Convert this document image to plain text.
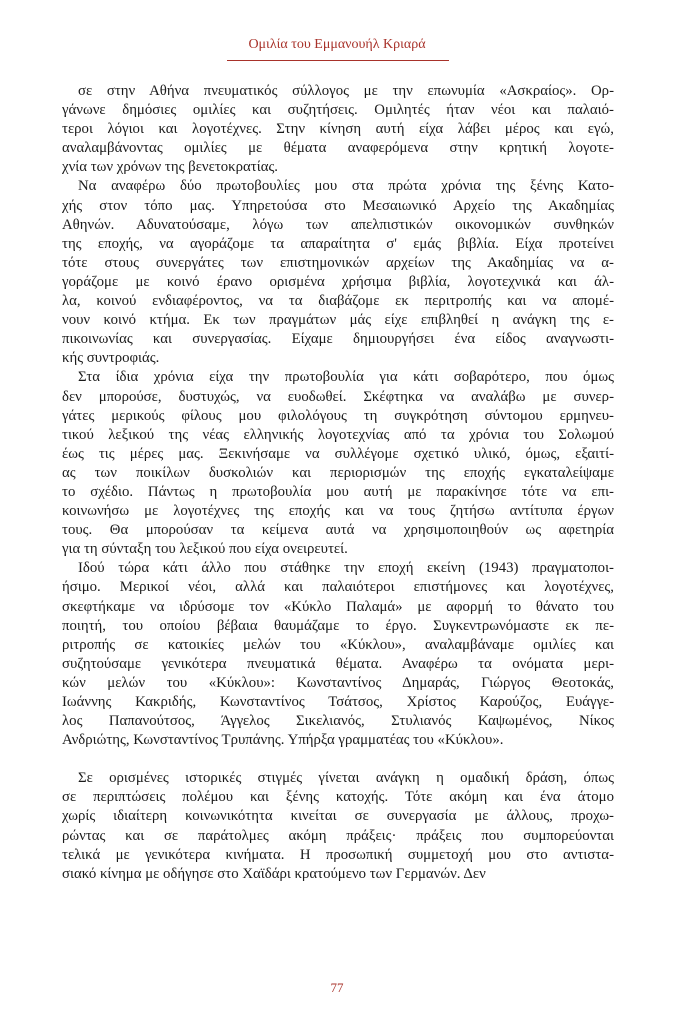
Ομιλία του Εμμανουήλ Κριαρά
σε στην Αθήνα πνευματικός σύλλογος με την επωνυμία «Ασκραίος». Ορ-
γάνωνε δημόσιες ομιλίες και συζητήσεις. Ομιλητές ήταν νέοι και παλαιό-
τεροι λόγιοι και λογοτέχνες. Στην κίνηση αυτή είχα λάβει μέρος και εγώ,
αναλαμβάνοντας ομιλίες με θέματα αναφερόμενα στην κρητική λογοτε-
χνία των χρόνων της βενετοκρατίας.
Να αναφέρω δύο πρωτοβουλίες μου στα πρώτα χρόνια της ξένης Κατο-
χής στον τόπο μας. Υπηρετούσα στο Μεσαιωνικό Αρχείο της Ακαδημίας
Αθηνών. Αδυνατούσαμε, λόγω των απελπιστικών οικονομικών συνθηκών
της εποχής, να αγοράζομε τα απαραίτητα σ' εμάς βιβλία. Είχα προτείνει
τότε στους συνεργάτες των επιστημονικών αρχείων της Ακαδημίας να α-
γοράζομε με κοινό έρανο ορισμένα χρήσιμα βιβλία, λογοτεχνικά και άλ-
λα, κοινού ενδιαφέροντος, να τα διαβάζομε εκ περιτροπής και να απομέ-
νουν κοινό κτήμα. Εκ των πραγμάτων μάς είχε επιβληθεί η ανάγκη της ε-
πικοινωνίας και συνεργασίας. Είχαμε δημιουργήσει ένα είδος αναγνωστι-
κής συντροφιάς.
Στα ίδια χρόνια είχα την πρωτοβουλία για κάτι σοβαρότερο, που όμως
δεν μπορούσε, δυστυχώς, να ευοδωθεί. Σκέφτηκα να αναλάβω με συνερ-
γάτες μερικούς φίλους μου φιλολόγους τη συγκρότηση σύντομου ερμηνευ-
τικού λεξικού της νέας ελληνικής λογοτεχνίας από τα χρόνια του Σολωμού
έως τις μέρες μας. Ξεκινήσαμε να συλλέγομε σχετικό υλικό, όμως, εξαιτί-
ας των ποικίλων δυσκολιών και περιορισμών της εποχής εγκαταλείψαμε
το σχέδιο. Πάντως η πρωτοβουλία μου αυτή με παρακίνησε τότε να επι-
κοινωνήσω με λογοτέχνες της εποχής και να τους ζητήσω αντίτυπα έργων
τους. Θα μπορούσαν τα κείμενα αυτά να χρησιμοποιηθούν ως αφετηρία
για τη σύνταξη του λεξικού που είχα ονειρευτεί.
Ιδού τώρα κάτι άλλο που στάθηκε την εποχή εκείνη (1943) πραγματοποι-
ήσιμο. Μερικοί νέοι, αλλά και παλαιότεροι επιστήμονες και λογοτέχνες,
σκεφτήκαμε να ιδρύσομε τον «Κύκλο Παλαμά» με αφορμή το θάνατο του
ποιητή, του οποίου βέβαια θαυμάζαμε το έργο. Συγκεντρωνόμαστε εκ πε-
ριτροπής σε κατοικίες μελών του «Κύκλου», αναλαμβάναμε ομιλίες και
συζητούσαμε γενικότερα πνευματικά θέματα. Αναφέρω τα ονόματα μερι-
κών μελών του «Κύκλου»: Κωνσταντίνος Δημαράς, Γιώργος Θεοτοκάς,
Ιωάννης Κακριδής, Κωνσταντίνος Τσάτσος, Χρίστος Καρούζος, Ευάγγε-
λος Παπανούτσος, Άγγελος Σικελιανός, Στυλιανός Καψωμένος, Νίκος
Ανδριώτης, Κωνσταντίνος Τρυπάνης. Υπήρξα γραμματέας του «Κύκλου».
Σε ορισμένες ιστορικές στιγμές γίνεται ανάγκη η ομαδική δράση, όπως
σε περιπτώσεις πολέμου και ξένης κατοχής. Τότε ακόμη και ένα άτομο
χωρίς ιδιαίτερη κοινωνικότητα κινείται σε συνεργασία με άλλους, προχω-
ρώντας και σε παράτολμες ακόμη πράξεις· πράξεις που συμπορεύονται
τελικά με γενικότερα κινήματα. Η προσωπική συμμετοχή μου στο αντιστα-
σιακό κίνημα με οδήγησε στο Χαϊδάρι κρατούμενο των Γερμανών. Δεν
77
